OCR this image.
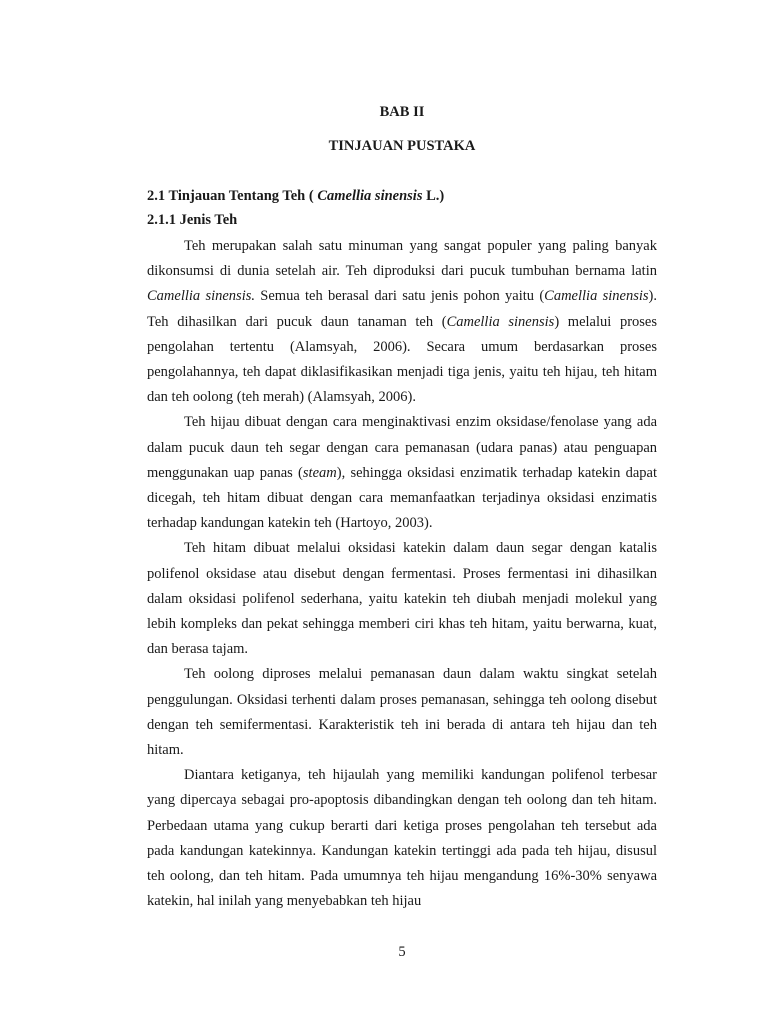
BAB II
TINJAUAN PUSTAKA
2.1 Tinjauan Tentang Teh ( Camellia sinensis L.)
2.1.1 Jenis Teh

Teh merupakan salah satu minuman yang sangat populer yang paling banyak dikonsumsi di dunia setelah air. Teh diproduksi dari pucuk tumbuhan bernama latin Camellia sinensis. Semua teh berasal dari satu jenis pohon yaitu (Camellia sinensis). Teh dihasilkan dari pucuk daun tanaman teh (Camellia sinensis) melalui proses pengolahan tertentu (Alamsyah, 2006). Secara umum berdasarkan proses pengolahannya, teh dapat diklasifikasikan menjadi tiga jenis, yaitu teh hijau, teh hitam dan teh oolong (teh merah) (Alamsyah, 2006).

Teh hijau dibuat dengan cara menginaktivasi enzim oksidase/fenolase yang ada dalam pucuk daun teh segar dengan cara pemanasan (udara panas) atau penguapan menggunakan uap panas (steam), sehingga oksidasi enzimatik terhadap katekin dapat dicegah, teh hitam dibuat dengan cara memanfaatkan terjadinya oksidasi enzimatis terhadap kandungan katekin teh (Hartoyo, 2003).

Teh hitam dibuat melalui oksidasi katekin dalam daun segar dengan katalis polifenol oksidase atau disebut dengan fermentasi. Proses fermentasi ini dihasilkan dalam oksidasi polifenol sederhana, yaitu katekin teh diubah menjadi molekul yang lebih kompleks dan pekat sehingga memberi ciri khas teh hitam, yaitu berwarna, kuat, dan berasa tajam.

Teh oolong diproses melalui pemanasan daun dalam waktu singkat setelah penggulungan. Oksidasi terhenti dalam proses pemanasan, sehingga teh oolong disebut dengan teh semifermentasi. Karakteristik teh ini berada di antara teh hijau dan teh hitam.

Diantara ketiganya, teh hijaulah yang memiliki kandungan polifenol terbesar yang dipercaya sebagai pro-apoptosis dibandingkan dengan teh oolong dan teh hitam. Perbedaan utama yang cukup berarti dari ketiga proses pengolahan teh tersebut ada pada kandungan katekinnya. Kandungan katekin tertinggi ada pada teh hijau, disusul teh oolong, dan teh hitam. Pada umumnya teh hijau mengandung 16%-30% senyawa katekin, hal inilah yang menyebabkan teh hijau

5
